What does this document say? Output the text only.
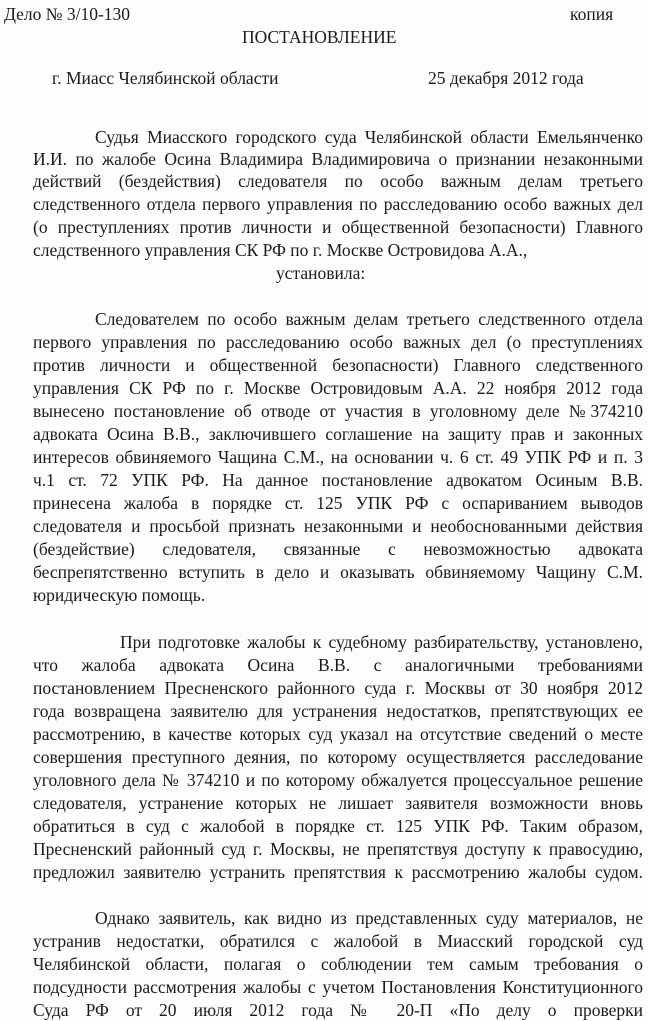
Дело № 3/10-130	копия
ПОСТАНОВЛЕНИЕ
г. Миасс Челябинской области	25 декабря 2012 года
Судья Миасского городского суда Челябинской области Емельянченко
И.И. по жалобе Осина Владимира Владимировича о признании незаконными
действий (бездействия) следователя по особо важным делам третьего
следственного отдела первого управления по расследованию особо важных дел
(о преступлениях против личности и общественной безопасности) Главного
следственного управления СК РФ по г. Москве Островидова А.А.,
установила:
Следователем по особо важным делам третьего следственного отдела
первого управления по расследованию особо важных дел (о преступлениях
против личности и общественной безопасности) Главного следственного
управления СК РФ по г. Москве Островидовым А.А. 22 ноября 2012 года
вынесено постановление об отводе от участия в уголовному деле №374210
адвоката Осина В.В., заключившего соглашение на защиту прав и законных
интересов обвиняемого Чащина С.М., на основании ч. 6 ст. 49 УПК РФ и п. 3
ч.1 ст. 72 УПК РФ. На данное постановление адвокатом Осиным В.В.
принесена жалоба в порядке ст. 125 УПК РФ с оспариванием выводов
следователя и просьбой признать незаконными и необоснованными действия
(бездействие) следователя, связанные с невозможностью адвоката
беспрепятственно вступить в дело и оказывать обвиняемому Чащину С.М.
юридическую помощь.
При подготовке жалобы к судебному разбирательству, установлено,
что жалоба адвоката Осина В.В. с аналогичными требованиями
постановлением Пресненского районного суда г. Москвы от 30 ноября 2012
года возвращена заявителю для устранения недостатков, препятствующих ее
рассмотрению, в качестве которых суд указал на отсутствие сведений о месте
совершения преступного деяния, по которому осуществляется расследование
уголовного дела № 374210 и по которому обжалуется процессуальное решение
следователя, устранение которых не лишает заявителя возможности вновь
обратиться в суд с жалобой в порядке ст. 125 УПК РФ. Таким образом,
Пресненский районный суд г. Москвы, не препятствуя доступу к правосудию,
предложил заявителю устранить препятствия к рассмотрению жалобы судом.
Однако заявитель, как видно из представленных суду материалов, не
устранив недостатки, обратился с жалобой в Миасский городской суд
Челябинской области, полагая о соблюдении тем самым требования о
подсудности рассмотрения жалобы с учетом Постановления Конституционного
Суда РФ от 20 июля 2012 года № 20-П «По делу о проверки
